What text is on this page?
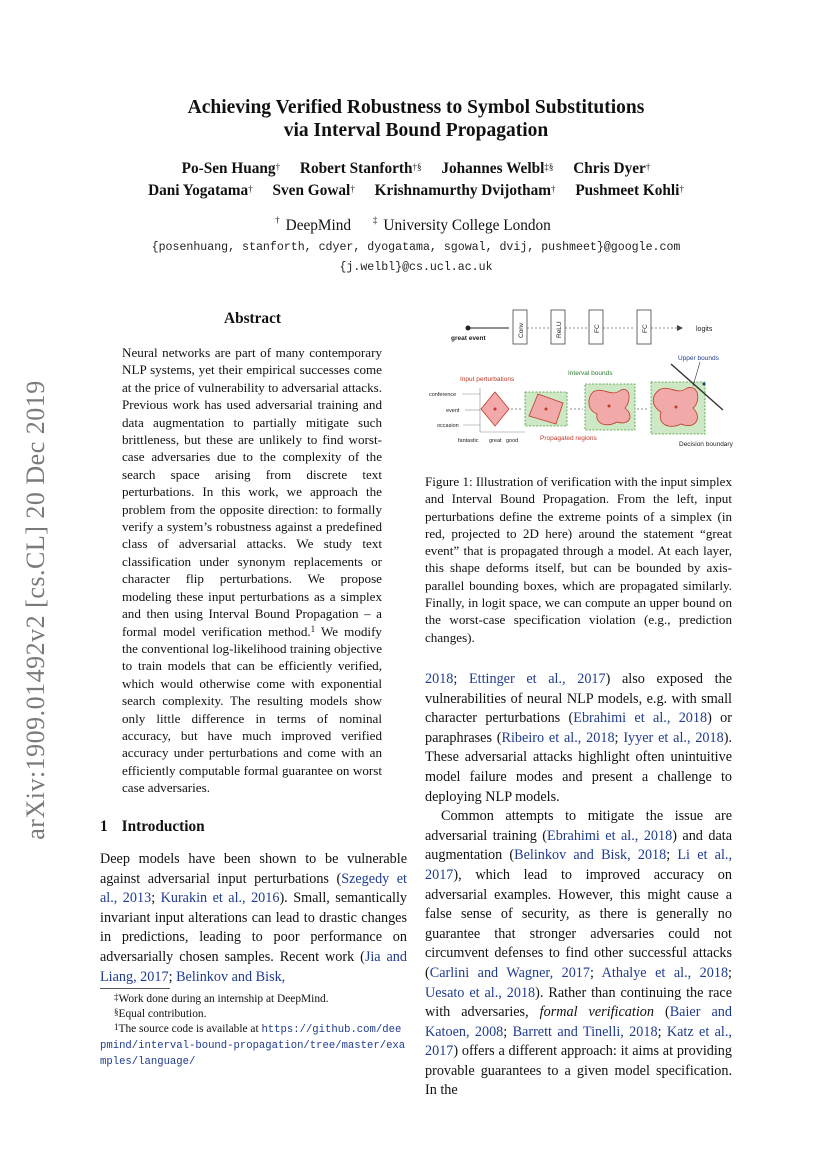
arXiv:1909.01492v2 [cs.CL] 20 Dec 2019
Achieving Verified Robustness to Symbol Substitutions
via Interval Bound Propagation
Po-Sen Huang† Robert Stanforth†§ Johannes Welbl‡§ Chris Dyer†
Dani Yogatama† Sven Gowal† Krishnamurthy Dvijotham† Pushmeet Kohli†
† DeepMind ‡ University College London
{posenhuang, stanforth, cdyer, dyogatama, sgowal, dvij, pushmeet}@google.com
{j.welbl}@cs.ucl.ac.uk
Abstract
Neural networks are part of many contemporary NLP systems, yet their empirical successes come at the price of vulnerability to adversarial attacks. Previous work has used adversarial training and data augmentation to partially mitigate such brittleness, but these are unlikely to find worst-case adversaries due to the complexity of the search space arising from discrete text perturbations. In this work, we approach the problem from the opposite direction: to formally verify a system’s robustness against a predefined class of adversarial attacks. We study text classification under synonym replacements or character flip perturbations. We propose modeling these input perturbations as a simplex and then using Interval Bound Propagation – a formal model verification method.$^1$ We modify the conventional log-likelihood training objective to train models that can be efficiently verified, which would otherwise come with exponential search complexity. The resulting models show only little difference in terms of nominal accuracy, but have much improved verified accuracy under perturbations and come with an efficiently computable formal guarantee on worst case adversaries.
1 Introduction

Deep models have been shown to be vulnerable against adversarial input perturbations (Szegedy et al., 2013; Kurakin et al., 2016). Small, semantically invariant input alterations can lead to drastic changes in predictions, leading to poor performance on adversarially chosen samples. Recent work (Jia and Liang, 2017; Belinkov and Bisk,

‡Work done during an internship at DeepMind.
§Equal contribution.
$^1$The source code is available at https://github.com/deepmind/interval-bound-propagation/tree/master/examples/language/
great event
Conv	ReLU	FC	FC	logits
Upper bounds
Interval bounds
Input perturbations
conference
event
occasion
fantastic great good	Propagated regions
Decision boundary
Figure 1: Illustration of verification with the input simplex and Interval Bound Propagation. From the left, input perturbations define the extreme points of a simplex (in red, projected to 2D here) around the statement “great event” that is propagated through a model. At each layer, this shape deforms itself, but can be bounded by axis-parallel bounding boxes, which are propagated similarly. Finally, in logit space, we can compute an upper bound on the worst-case specification violation (e.g., prediction changes).

2018; Ettinger et al., 2017) also exposed the vulnerabilities of neural NLP models, e.g. with small character perturbations (Ebrahimi et al., 2018) or paraphrases (Ribeiro et al., 2018; Iyyer et al., 2018). These adversarial attacks highlight often unintuitive model failure modes and present a challenge to deploying NLP models.

Common attempts to mitigate the issue are adversarial training (Ebrahimi et al., 2018) and data augmentation (Belinkov and Bisk, 2018; Li et al., 2017), which lead to improved accuracy on adversarial examples. However, this might cause a false sense of security, as there is generally no guarantee that stronger adversaries could not circumvent defenses to find other successful attacks (Carlini and Wagner, 2017; Athalye et al., 2018; Uesato et al., 2018). Rather than continuing the race with adversaries, formal verification (Baier and Katoen, 2008; Barrett and Tinelli, 2018; Katz et al., 2017) offers a different approach: it aims at providing provable guarantees to a given model specification. In the
